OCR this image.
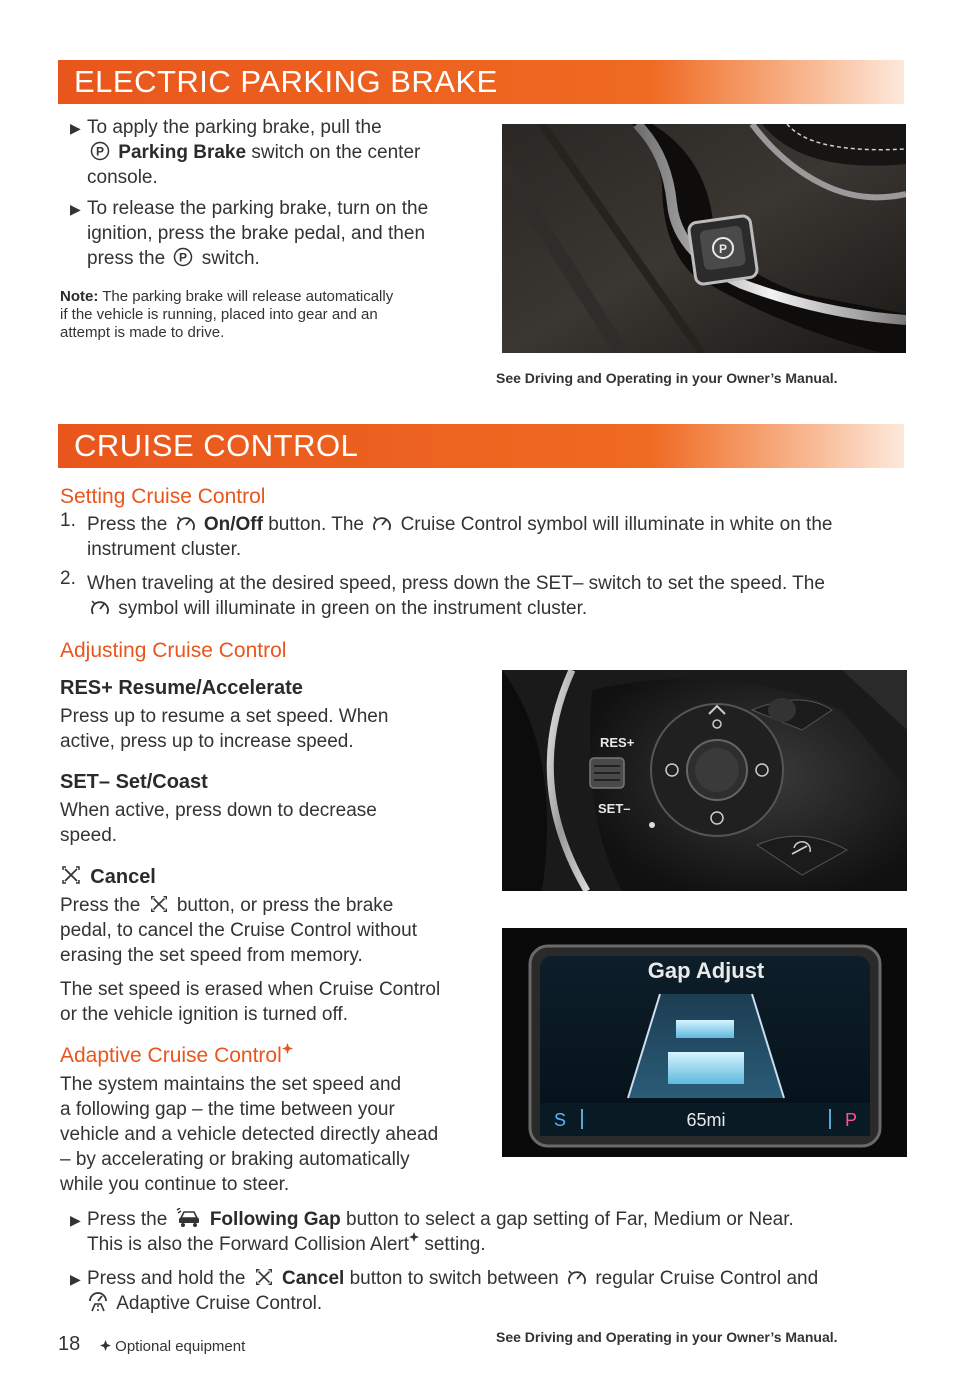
ELECTRIC PARKING BRAKE
▶ To apply the parking brake, pull the
P Parking Brake switch on the center
console.
▶ To release the parking brake, turn on the
ignition, press the brake pedal, and then
press the P switch.
Note: The parking brake will release automatically
if the vehicle is running, placed into gear and an
attempt is made to drive.
P
See Driving and Operating in your Owner’s Manual.
CRUISE CONTROL
Setting Cruise Control
1. Press the On/Off button. The Cruise Control symbol will illuminate in white on the
instrument cluster.
2. When traveling at the desired speed, press down the SET– switch to set the speed. The
symbol will illuminate in green on the instrument cluster.
Adjusting Cruise Control
RES+ Resume/Accelerate
Press up to resume a set speed. When
active, press up to increase speed.
SET– Set/Coast
When active, press down to decrease
speed.
Cancel
Press the button, or press the brake
pedal, to cancel the Cruise Control without
erasing the set speed from memory.
The set speed is erased when Cruise Control
or the vehicle ignition is turned off.
Adaptive Cruise Control
The system maintains the set speed and
a following gap – the time between your
vehicle and a vehicle detected directly ahead
– by accelerating or braking automatically
while you continue to steer.
▶ Press the Following Gap button to select a gap setting of Far, Medium or Near.
This is also the Forward Collision Alert setting.
▶ Press and hold the Cancel button to switch between regular Cruise Control and
Adaptive Cruise Control.
RES+
SET–
Gap Adjust
S	65mi	P
18	Optional equipment
See Driving and Operating in your Owner’s Manual.
